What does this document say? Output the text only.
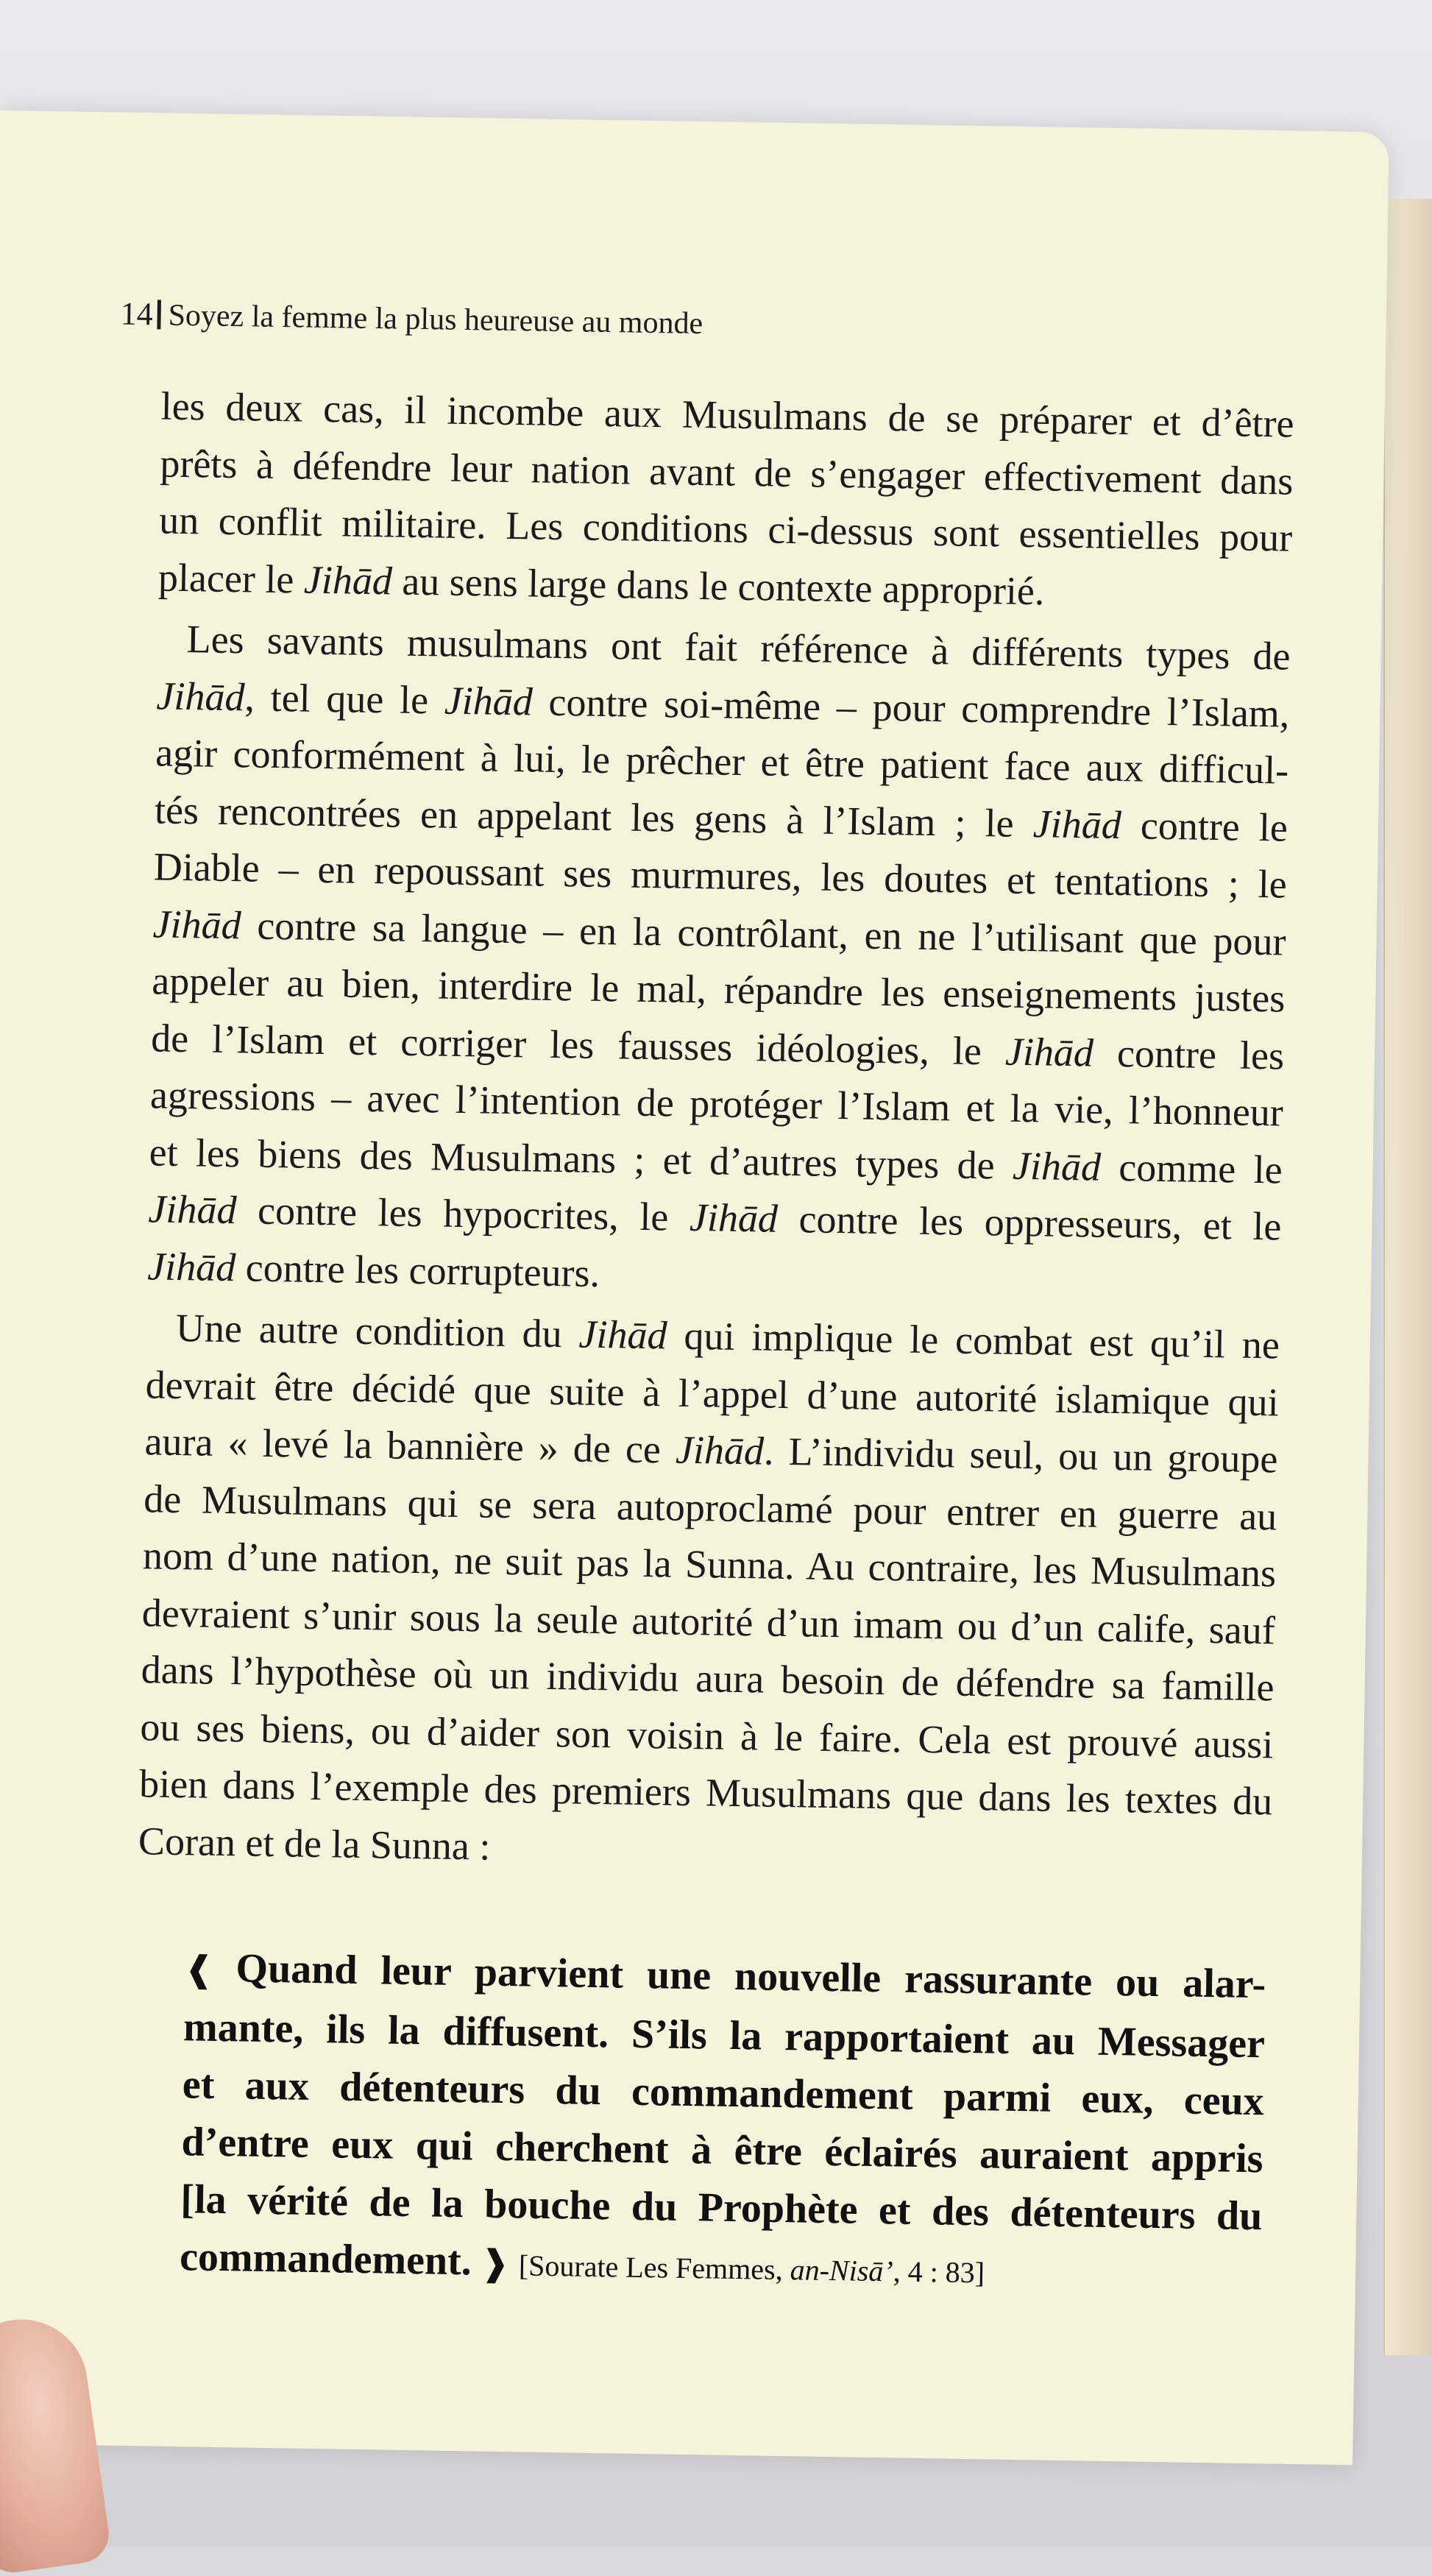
14 Soyez la femme la plus heureuse au monde

les deux cas, il incombe aux Musulmans de se préparer et d’être
prêts à défendre leur nation avant de s’engager effectivement dans
un conflit militaire. Les conditions ci-dessus sont essentielles pour
placer le Jihād au sens large dans le contexte approprié.

Les savants musulmans ont fait référence à différents types de
Jihād, tel que le Jihād contre soi-même – pour comprendre l’Islam,
agir conformément à lui, le prêcher et être patient face aux difficul-
tés rencontrées en appelant les gens à l’Islam ; le Jihād contre le
Diable – en repoussant ses murmures, les doutes et tentations ; le
Jihād contre sa langue – en la contrôlant, en ne l’utilisant que pour
appeler au bien, interdire le mal, répandre les enseignements justes
de l’Islam et corriger les fausses idéologies, le Jihād contre les
agressions – avec l’intention de protéger l’Islam et la vie, l’honneur
et les biens des Musulmans ; et d’autres types de Jihād comme le
Jihād contre les hypocrites, le Jihād contre les oppresseurs, et le
Jihād contre les corrupteurs.

Une autre condition du Jihād qui implique le combat est qu’il ne
devrait être décidé que suite à l’appel d’une autorité islamique qui
aura « levé la bannière » de ce Jihād. L’individu seul, ou un groupe
de Musulmans qui se sera autoproclamé pour entrer en guerre au
nom d’une nation, ne suit pas la Sunna. Au contraire, les Musulmans
devraient s’unir sous la seule autorité d’un imam ou d’un calife, sauf
dans l’hypothèse où un individu aura besoin de défendre sa famille
ou ses biens, ou d’aider son voisin à le faire. Cela est prouvé aussi
bien dans l’exemple des premiers Musulmans que dans les textes du
Coran et de la Sunna :

❰ Quand leur parvient une nouvelle rassurante ou alar-
mante, ils la diffusent. S’ils la rapportaient au Messager
et aux détenteurs du commandement parmi eux, ceux
d’entre eux qui cherchent à être éclairés auraient appris
[la vérité de la bouche du Prophète et des détenteurs du
commandement. ❱ [Sourate Les Femmes, an-Nisā’, 4 : 83]
